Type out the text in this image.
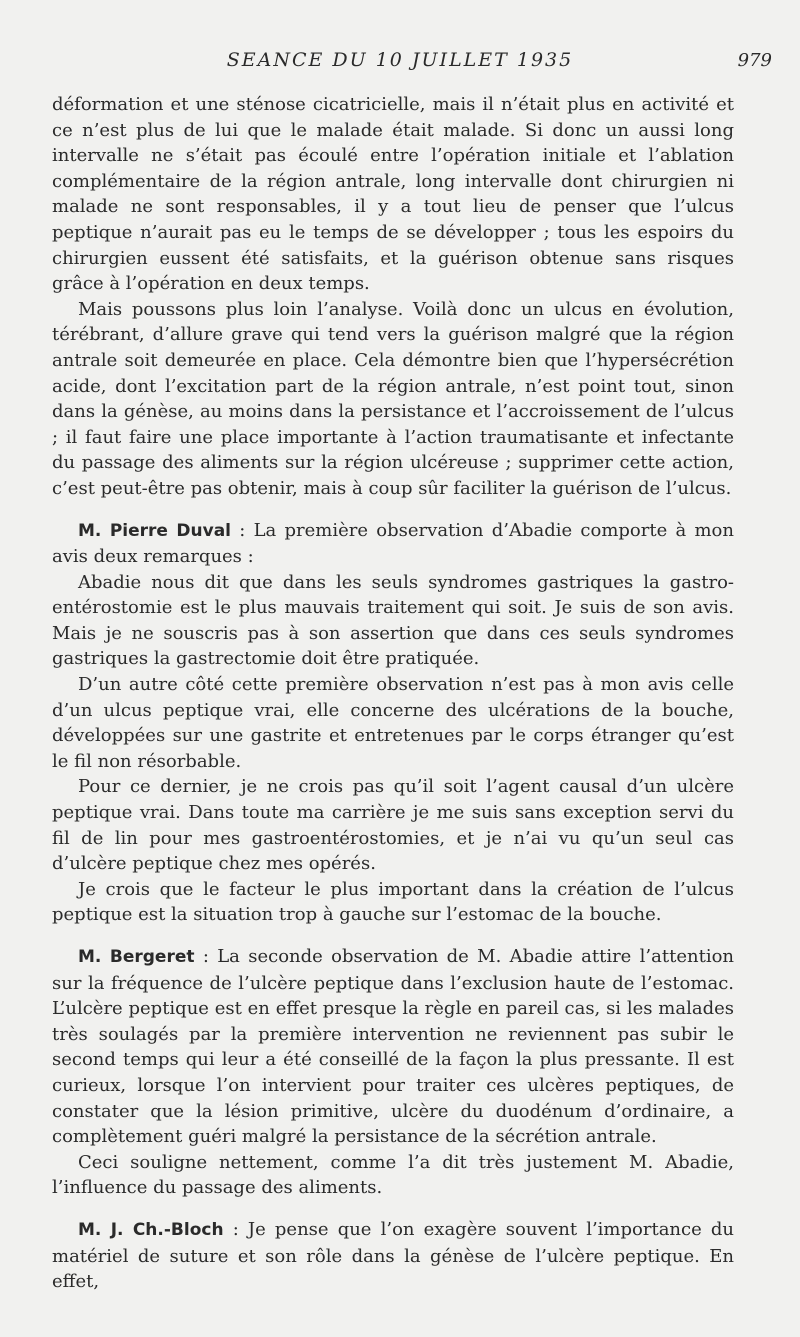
SEANCE DU 10 JUILLET 1935	979

déformation et une sténose cicatricielle, mais il n’était plus en activité et ce n’est plus de lui que le malade était malade. Si donc un aussi long intervalle ne s’était pas écoulé entre l’opération initiale et l’ablation complémentaire de la région antrale, long intervalle dont chirurgien ni malade ne sont responsables, il y a tout lieu de penser que l’ulcus peptique n’aurait pas eu le temps de se développer ; tous les espoirs du chirurgien eussent été satisfaits, et la guérison obtenue sans risques grâce à l’opération en deux temps.

Mais poussons plus loin l’analyse. Voilà donc un ulcus en évolution, térébrant, d’allure grave qui tend vers la guérison malgré que la région antrale soit demeurée en place. Cela démontre bien que l’hypersécrétion acide, dont l’excitation part de la région antrale, n’est point tout, sinon dans la génèse, au moins dans la persistance et l’accroissement de l’ulcus ; il faut faire une place importante à l’action traumatisante et infectante du passage des aliments sur la région ulcéreuse ; supprimer cette action, c’est peut-être pas obtenir, mais à coup sûr faciliter la guérison de l’ulcus.

M. Pierre Duval : La première observation d’Abadie comporte à mon avis deux remarques :

Abadie nous dit que dans les seuls syndromes gastriques la gastro-entérostomie est le plus mauvais traitement qui soit. Je suis de son avis. Mais je ne souscris pas à son assertion que dans ces seuls syndromes gastriques la gastrectomie doit être pratiquée.

D’un autre côté cette première observation n’est pas à mon avis celle d’un ulcus peptique vrai, elle concerne des ulcérations de la bouche, développées sur une gastrite et entretenues par le corps étranger qu’est le fil non résorbable.

Pour ce dernier, je ne crois pas qu’il soit l’agent causal d’un ulcère peptique vrai. Dans toute ma carrière je me suis sans exception servi du fil de lin pour mes gastroentérostomies, et je n’ai vu qu’un seul cas d’ulcère peptique chez mes opérés.

Je crois que le facteur le plus important dans la création de l’ulcus peptique est la situation trop à gauche sur l’estomac de la bouche.

M. Bergeret : La seconde observation de M. Abadie attire l’attention sur la fréquence de l’ulcère peptique dans l’exclusion haute de l’estomac. L’ulcère peptique est en effet presque la règle en pareil cas, si les malades très soulagés par la première intervention ne reviennent pas subir le second temps qui leur a été conseillé de la façon la plus pressante. Il est curieux, lorsque l’on intervient pour traiter ces ulcères peptiques, de constater que la lésion primitive, ulcère du duodénum d’ordinaire, a complètement guéri malgré la persistance de la sécrétion antrale.

Ceci souligne nettement, comme l’a dit très justement M. Abadie, l’influence du passage des aliments.

M. J. Ch.-Bloch : Je pense que l’on exagère souvent l’importance du matériel de suture et son rôle dans la génèse de l’ulcère peptique. En effet,
